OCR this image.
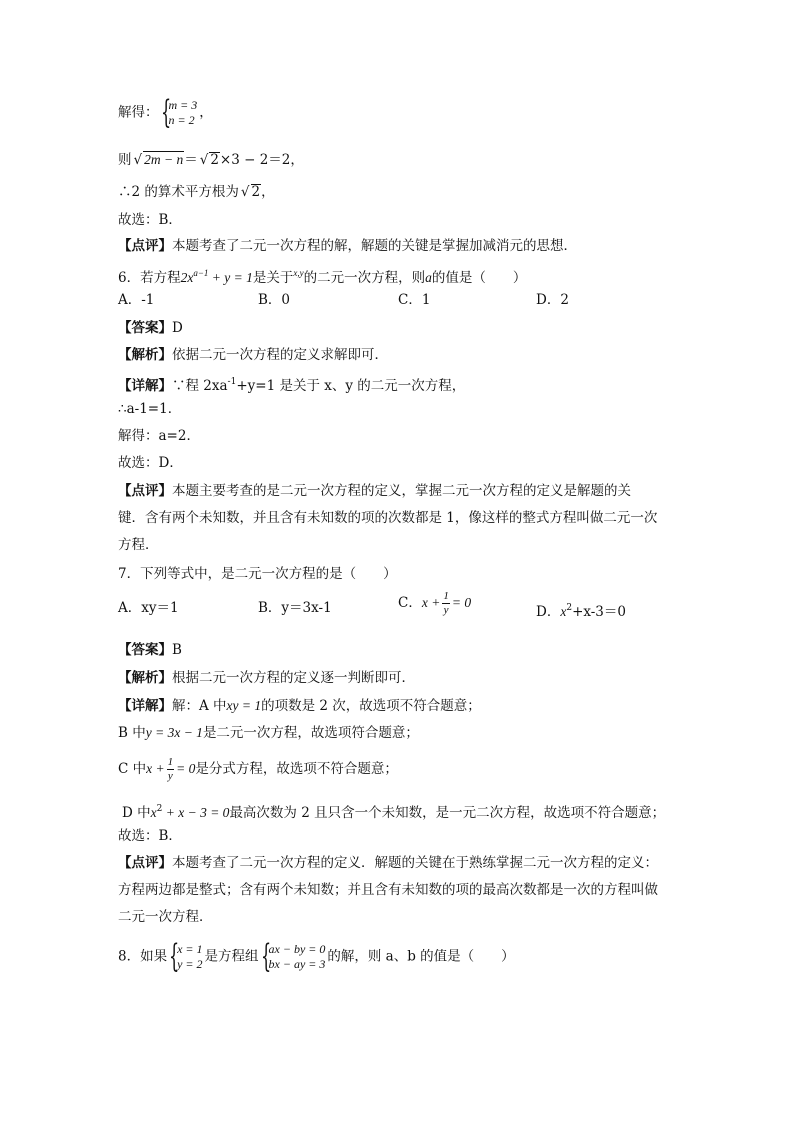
解得： {
m = 3
n = 2 ，
则 √ 2m − n＝ √ 2×3 − 2＝2，
∴2 的算术平方根为 √ 2，
故选：B．
【点评】本题考查了二元一次方程的解，解题的关键是掌握加减消元的思想．
6．若方程$2x^{a-1} + y = 1$是关于$^{x,y}$的二元一次方程，则a的值是（　　）
A．-1	B．0	C．1	D．2
【答案】D
【解析】依据二元一次方程的定义求解即可．
【详解】∵程 $2xa^{-1}+y=1$ 是关于 x、y 的二元一次方程，
∴a-1=1．
解得：a=2．
故选：D．
【点评】本题主要考查的是二元一次方程的定义，掌握二元一次方程的定义是解题的关
键．含有两个未知数，并且含有未知数的项的次数都是 1，像这样的整式方程叫做二元一次
方程．
7．下列等式中，是二元一次方程的是（　　）
A．xy＝1	B．y＝3x-1	C．$x + \frac{1}{y} = 0$
D．$x^2+x-3=0$
【答案】B
【解析】根据二元一次方程的定义逐一判断即可．
【详解】解：A 中xy = 1的项数是 2 次，故选项不符合题意；
B 中y = 3x − 1是二元一次方程，故选项符合题意；
C 中$x + \frac{1}{y} = 0$是分式方程，故选项不符合题意；
D 中$x^2 + x - 3 = 0$最高次数为 2 且只含一个未知数，是一元二次方程，故选项不符合题意；
故选：B．
【点评】本题考查了二元一次方程的定义．解题的关键在于熟练掌握二元一次方程的定义：
方程两边都是整式；含有两个未知数；并且含有未知数的项的最高次数都是一次的方程叫做
二元一次方程．
8．如果 {
x = 1
y = 2 是方程组 {
ax − by = 0
bx − ay = 3 的解，则 a、b 的值是（　　）
